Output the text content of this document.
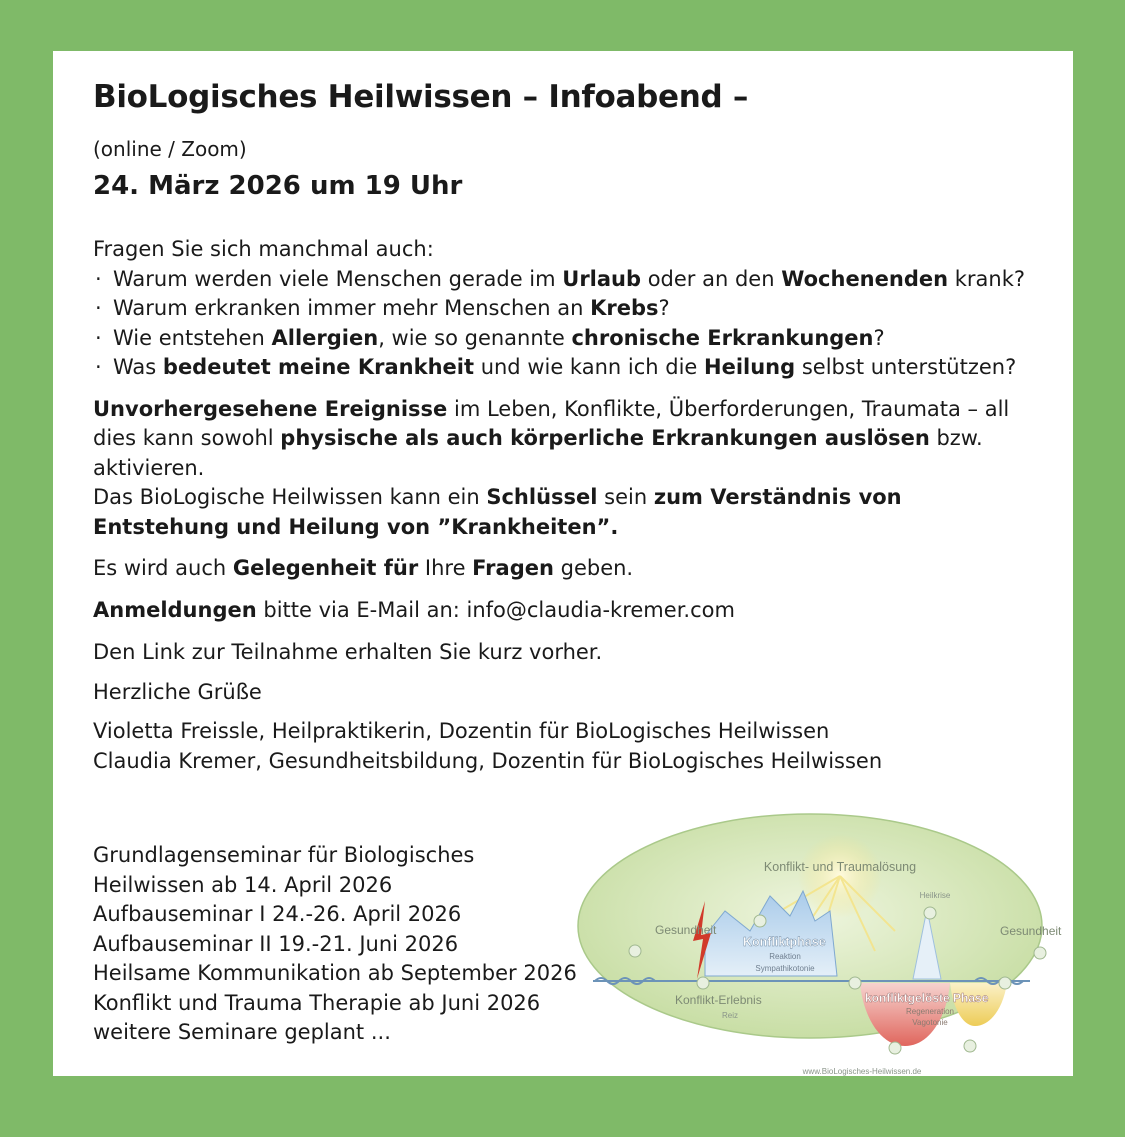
BioLogisches Heilwissen – Infoabend –
(online / Zoom)
24. März 2026 um 19 Uhr
Fragen Sie sich manchmal auch:
· Warum werden viele Menschen gerade im Urlaub oder an den Wochenenden krank?
· Warum erkranken immer mehr Menschen an Krebs?
· Wie entstehen Allergien, wie so genannte chronische Erkrankungen?
· Was bedeutet meine Krankheit und wie kann ich die Heilung selbst unterstützen?
Unvorhergesehene Ereignisse im Leben, Konflikte, Überforderungen, Traumata – all dies kann sowohl physische als auch körperliche Erkrankungen auslösen bzw. aktivieren.
Das BioLogische Heilwissen kann ein Schlüssel sein zum Verständnis von Entstehung und Heilung von ”Krankheiten”.
Es wird auch Gelegenheit für Ihre Fragen geben.
Anmeldungen bitte via E-Mail an: info@claudia-kremer.com
Den Link zur Teilnahme erhalten Sie kurz vorher.
Herzliche Grüße
Violetta Freissle, Heilpraktikerin, Dozentin für BioLogisches Heilwissen
Claudia Kremer, Gesundheitsbildung, Dozentin für BioLogisches Heilwissen
Grundlagenseminar für Biologisches
Heilwissen ab 14. April 2026
Aufbauseminar I 24.-26. April 2026
Aufbauseminar II 19.-21. Juni 2026
Heilsame Kommunikation ab September 2026
Konflikt und Trauma Therapie ab Juni 2026
weitere Seminare geplant ...
Konflikt- und Traumalösung
Heilkrise
Gesundheit	Gesundheit
Konfliktphase
Reaktion
Sympathikotonie
Konflikt-Erlebnis
Reiz
konfliktgelöste Phase
Regeneration
Vagotonie
www.BioLogisches-Heilwissen.de
